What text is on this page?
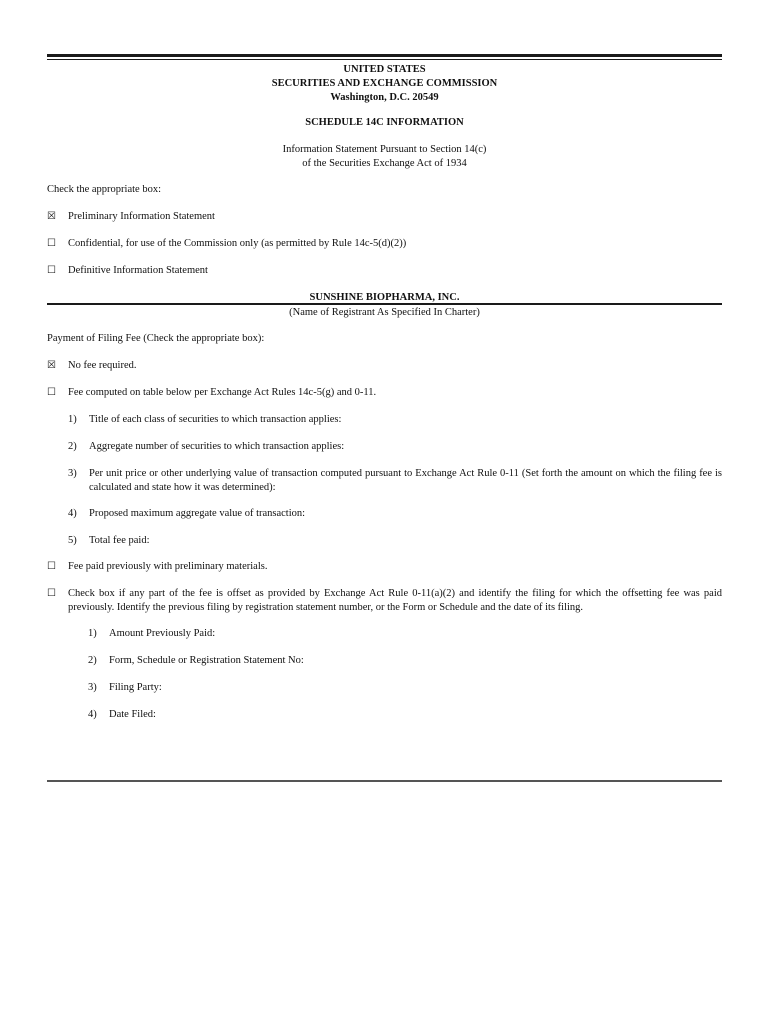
UNITED STATES
SECURITIES AND EXCHANGE COMMISSION
Washington, D.C. 20549
SCHEDULE 14C INFORMATION
Information Statement Pursuant to Section 14(c)
of the Securities Exchange Act of 1934
Check the appropriate box:
☒ Preliminary Information Statement
☐ Confidential, for use of the Commission only (as permitted by Rule 14c-5(d)(2))
☐ Definitive Information Statement
SUNSHINE BIOPHARMA, INC.
(Name of Registrant As Specified In Charter)
Payment of Filing Fee (Check the appropriate box):
☒ No fee required.
☐ Fee computed on table below per Exchange Act Rules 14c-5(g) and 0-11.
1)	Title of each class of securities to which transaction applies:
2)	Aggregate number of securities to which transaction applies:
3)	Per unit price or other underlying value of transaction computed pursuant to Exchange Act Rule 0-11 (Set forth the amount on which the filing fee is calculated and state how it was determined):
4)	Proposed maximum aggregate value of transaction:
5)	Total fee paid:
☐ Fee paid previously with preliminary materials.
☐ Check box if any part of the fee is offset as provided by Exchange Act Rule 0-11(a)(2) and identify the filing for which the offsetting fee was paid previously. Identify the previous filing by registration statement number, or the Form or Schedule and the date of its filing.
1)	Amount Previously Paid:
2)	Form, Schedule or Registration Statement No:
3)	Filing Party:
4)	Date Filed:
